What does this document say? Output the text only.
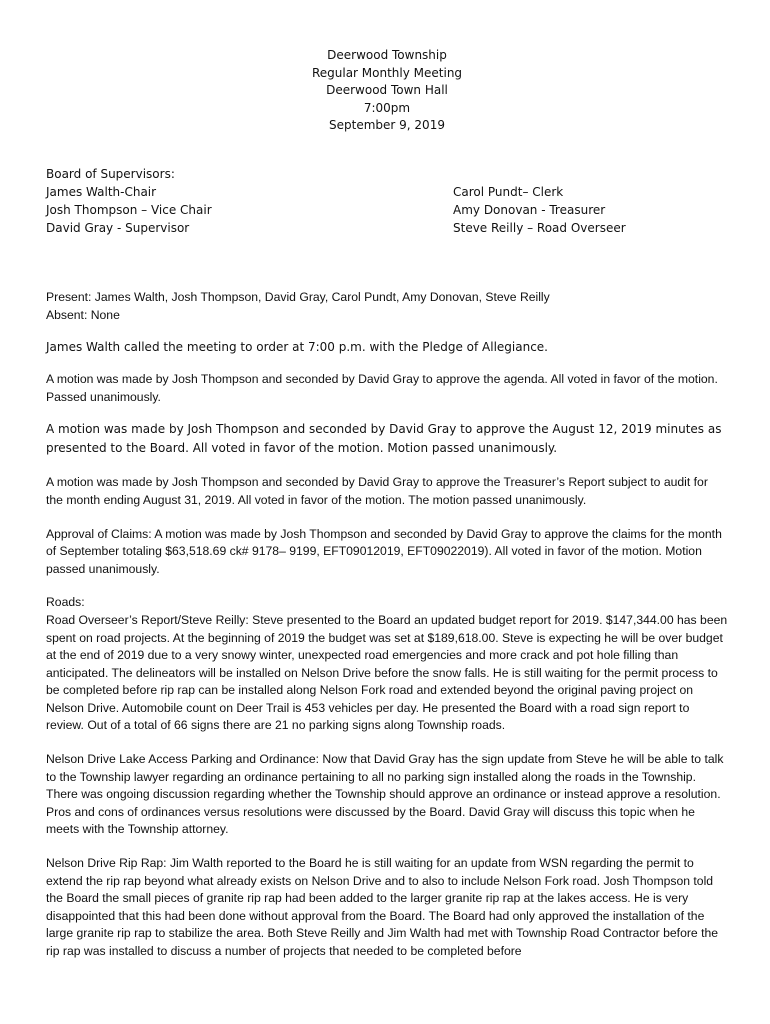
Deerwood Township
Regular Monthly Meeting
Deerwood Town Hall
7:00pm
September 9, 2019
Board of Supervisors:
James Walth-Chair
Josh Thompson – Vice Chair
David Gray - Supervisor
Carol Pundt– Clerk
Amy Donovan - Treasurer
Steve Reilly – Road Overseer

Present: James Walth, Josh Thompson, David Gray, Carol Pundt, Amy Donovan, Steve Reilly

Absent: None

James Walth called the meeting to order at 7:00 p.m. with the Pledge of Allegiance.

A motion was made by Josh Thompson and seconded by David Gray to approve the agenda. All voted in favor of the motion. Passed unanimously.

A motion was made by Josh Thompson and seconded by David Gray to approve the August 12, 2019 minutes as presented to the Board. All voted in favor of the motion. Motion passed unanimously.

A motion was made by Josh Thompson and seconded by David Gray to approve the Treasurer’s Report subject to audit for the month ending August 31, 2019. All voted in favor of the motion. The motion passed unanimously.

Approval of Claims: A motion was made by Josh Thompson and seconded by David Gray to approve the claims for the month of September totaling $63,518.69 ck# 9178– 9199, EFT09012019, EFT09022019). All voted in favor of the motion. Motion passed unanimously.

Roads:

Road Overseer’s Report/Steve Reilly: Steve presented to the Board an updated budget report for 2019. $147,344.00 has been spent on road projects. At the beginning of 2019 the budget was set at $189,618.00. Steve is expecting he will be over budget at the end of 2019 due to a very snowy winter, unexpected road emergencies and more crack and pot hole filling than anticipated. The delineators will be installed on Nelson Drive before the snow falls. He is still waiting for the permit process to be completed before rip rap can be installed along Nelson Fork road and extended beyond the original paving project on Nelson Drive. Automobile count on Deer Trail is 453 vehicles per day. He presented the Board with a road sign report to review. Out of a total of 66 signs there are 21 no parking signs along Township roads.

Nelson Drive Lake Access Parking and Ordinance: Now that David Gray has the sign update from Steve he will be able to talk to the Township lawyer regarding an ordinance pertaining to all no parking sign installed along the roads in the Township. There was ongoing discussion regarding whether the Township should approve an ordinance or instead approve a resolution. Pros and cons of ordinances versus resolutions were discussed by the Board. David Gray will discuss this topic when he meets with the Township attorney.

Nelson Drive Rip Rap: Jim Walth reported to the Board he is still waiting for an update from WSN regarding the permit to extend the rip rap beyond what already exists on Nelson Drive and to also to include Nelson Fork road. Josh Thompson told the Board the small pieces of granite rip rap had been added to the larger granite rip rap at the lakes access. He is very disappointed that this had been done without approval from the Board. The Board had only approved the installation of the large granite rip rap to stabilize the area. Both Steve Reilly and Jim Walth had met with Township Road Contractor before the rip rap was installed to discuss a number of projects that needed to be completed before
